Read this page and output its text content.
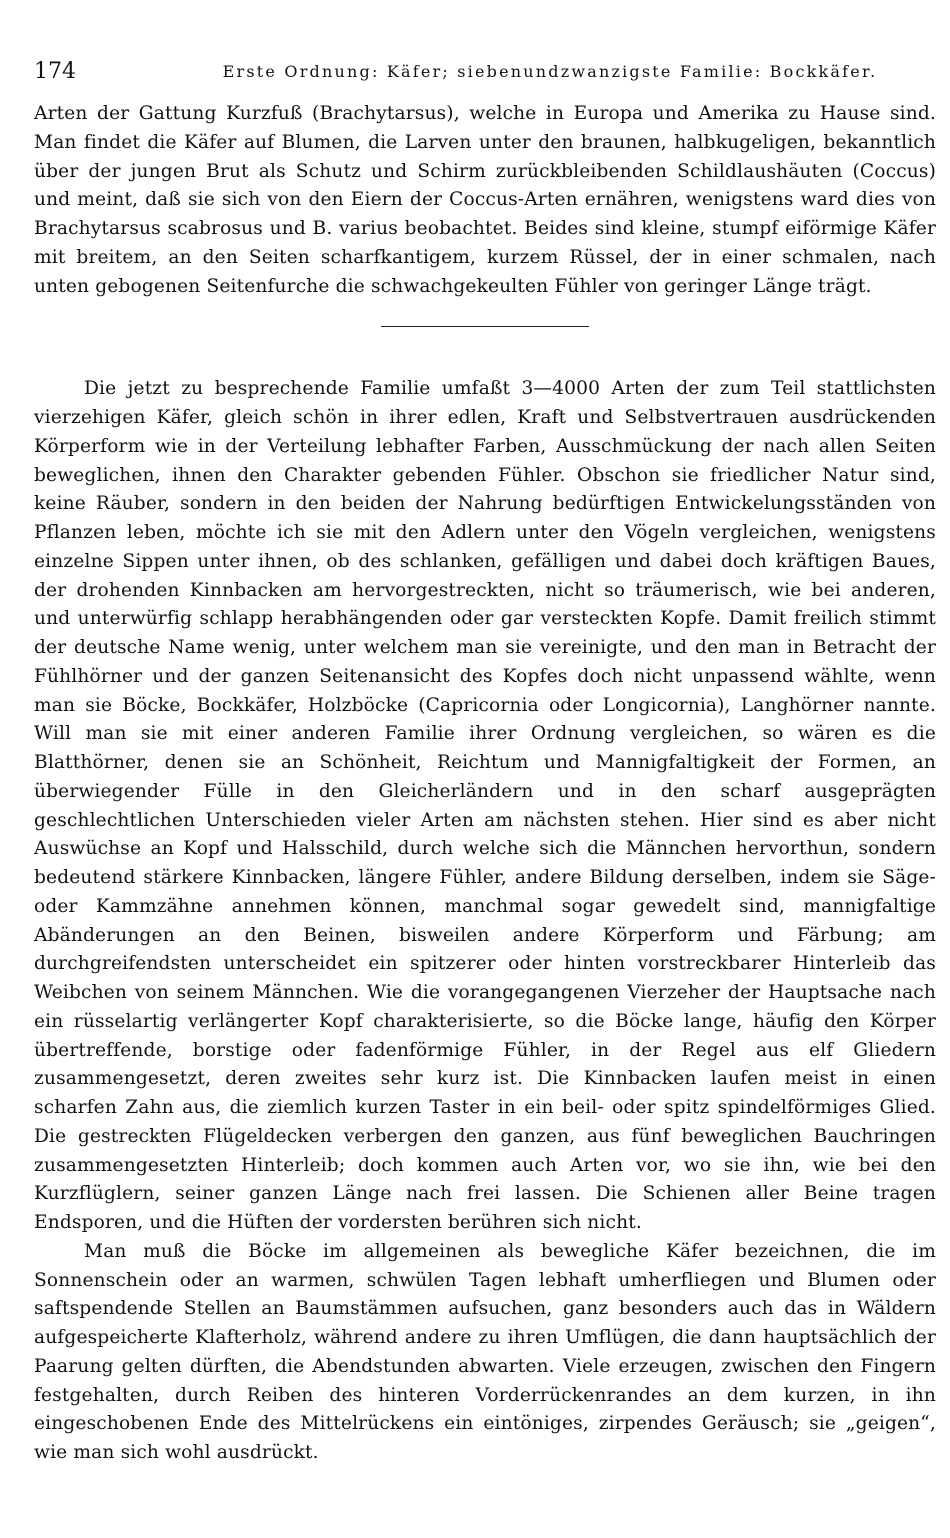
174	Erste Ordnung: Käfer; siebenundzwanzigste Familie: Bockkäfer.

Arten der Gattung Kurzfuß (Brachytarsus), welche in Europa und Amerika zu Hause sind. Man findet die Käfer auf Blumen, die Larven unter den braunen, halbkugeligen, bekanntlich über der jungen Brut als Schutz und Schirm zurückbleibenden Schildlaushäuten (Coccus) und meint, daß sie sich von den Eiern der Coccus-Arten ernähren, wenigstens ward dies von Brachytarsus scabrosus und B. varius beobachtet. Beides sind kleine, stumpf eiförmige Käfer mit breitem, an den Seiten scharfkantigem, kurzem Rüssel, der in einer schmalen, nach unten gebogenen Seitenfurche die schwachgekeulten Fühler von geringer Länge trägt.

Die jetzt zu besprechende Familie umfaßt 3—4000 Arten der zum Teil stattlichsten vierzehigen Käfer, gleich schön in ihrer edlen, Kraft und Selbstvertrauen ausdrückenden Körperform wie in der Verteilung lebhafter Farben, Ausschmückung der nach allen Seiten beweglichen, ihnen den Charakter gebenden Fühler. Obschon sie friedlicher Natur sind, keine Räuber, sondern in den beiden der Nahrung bedürftigen Entwickelungsständen von Pflanzen leben, möchte ich sie mit den Adlern unter den Vögeln vergleichen, wenigstens einzelne Sippen unter ihnen, ob des schlanken, gefälligen und dabei doch kräftigen Baues, der drohenden Kinnbacken am hervorgestreckten, nicht so träumerisch, wie bei anderen, und unterwürfig schlapp herabhängenden oder gar versteckten Kopfe. Damit freilich stimmt der deutsche Name wenig, unter welchem man sie vereinigte, und den man in Betracht der Fühlhörner und der ganzen Seitenansicht des Kopfes doch nicht unpassend wählte, wenn man sie Böcke, Bockkäfer, Holzböcke (Capricornia oder Longicornia), Langhörner nannte. Will man sie mit einer anderen Familie ihrer Ordnung vergleichen, so wären es die Blatthörner, denen sie an Schönheit, Reichtum und Mannigfaltigkeit der Formen, an überwiegender Fülle in den Gleicherländern und in den scharf ausgeprägten geschlechtlichen Unterschieden vieler Arten am nächsten stehen. Hier sind es aber nicht Auswüchse an Kopf und Halsschild, durch welche sich die Männchen hervorthun, sondern bedeutend stärkere Kinnbacken, längere Fühler, andere Bildung derselben, indem sie Säge- oder Kammzähne annehmen können, manchmal sogar gewedelt sind, mannigfaltige Abänderungen an den Beinen, bisweilen andere Körperform und Färbung; am durchgreifendsten unterscheidet ein spitzerer oder hinten vorstreckbarer Hinterleib das Weibchen von seinem Männchen. Wie die vorangegangenen Vierzeher der Hauptsache nach ein rüsselartig verlängerter Kopf charakterisierte, so die Böcke lange, häufig den Körper übertreffende, borstige oder fadenförmige Fühler, in der Regel aus elf Gliedern zusammengesetzt, deren zweites sehr kurz ist. Die Kinnbacken laufen meist in einen scharfen Zahn aus, die ziemlich kurzen Taster in ein beil- oder spitz spindelförmiges Glied. Die gestreckten Flügeldecken verbergen den ganzen, aus fünf beweglichen Bauchringen zusammengesetzten Hinterleib; doch kommen auch Arten vor, wo sie ihn, wie bei den Kurzflüglern, seiner ganzen Länge nach frei lassen. Die Schienen aller Beine tragen Endsporen, und die Hüften der vordersten berühren sich nicht.

Man muß die Böcke im allgemeinen als bewegliche Käfer bezeichnen, die im Sonnenschein oder an warmen, schwülen Tagen lebhaft umherfliegen und Blumen oder saftspendende Stellen an Baumstämmen aufsuchen, ganz besonders auch das in Wäldern aufgespeicherte Klafterholz, während andere zu ihren Umflügen, die dann hauptsächlich der Paarung gelten dürften, die Abendstunden abwarten. Viele erzeugen, zwischen den Fingern festgehalten, durch Reiben des hinteren Vorderrückenrandes an dem kurzen, in ihn eingeschobenen Ende des Mittelrückens ein eintöniges, zirpendes Geräusch; sie „geigen“, wie man sich wohl ausdrückt.
